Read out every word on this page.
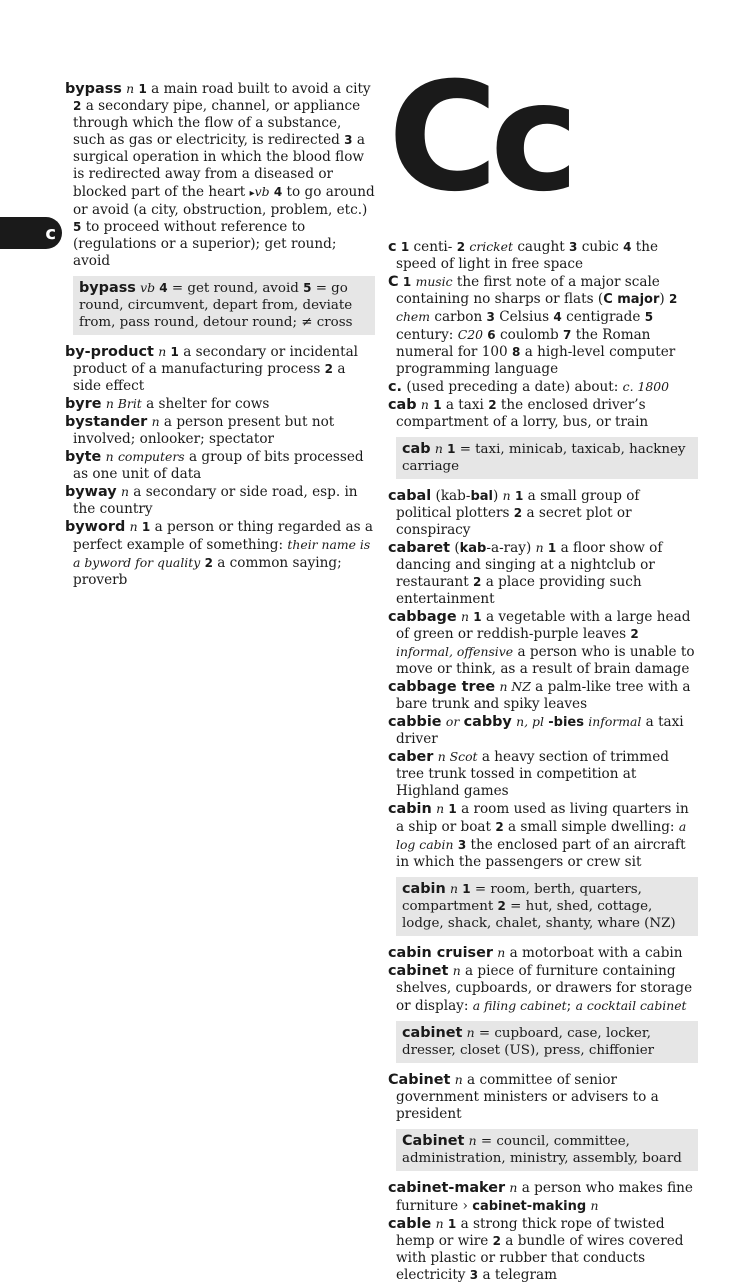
c
Cc

bypass n 1 a main road built to avoid a city 2 a secondary pipe, channel, or appliance through which the flow of a substance, such as gas or electricity, is redirected 3 a surgical operation in which the blood flow is redirected away from a diseased or blocked part of the heart ▸vb 4 to go around or avoid (a city, obstruction, problem, etc.) 5 to proceed without reference to (regulations or a superior); get round; avoid

bypass vb 4 = get round, avoid 5 = go round, circumvent, depart from, deviate from, pass round, detour round; ≠ cross

by-product n 1 a secondary or incidental product of a manufacturing process 2 a side effect

byre n Brit a shelter for cows

bystander n a person present but not involved; onlooker; spectator

byte n computers a group of bits processed as one unit of data

byway n a secondary or side road, esp. in the country

byword n 1 a person or thing regarded as a perfect example of something: their name is a byword for quality 2 a common saying; proverb

c 1 centi- 2 cricket caught 3 cubic 4 the speed of light in free space

C 1 music the first note of a major scale containing no sharps or flats (C major) 2 chem carbon 3 Celsius 4 centigrade 5 century: C20 6 coulomb 7 the Roman numeral for 100 8 a high-level computer programming language

c. (used preceding a date) about: c. 1800

cab n 1 a taxi 2 the enclosed driver’s compartment of a lorry, bus, or train

cab n 1 = taxi, minicab, taxicab, hackney carriage

cabal (kab-bal) n 1 a small group of political plotters 2 a secret plot or conspiracy

cabaret (kab-a-ray) n 1 a floor show of dancing and singing at a nightclub or restaurant 2 a place providing such entertainment

cabbage n 1 a vegetable with a large head of green or reddish-purple leaves 2 informal, offensive a person who is unable to move or think, as a result of brain damage

cabbage tree n NZ a palm-like tree with a bare trunk and spiky leaves

cabbie or cabby n, pl -bies informal a taxi driver

caber n Scot a heavy section of trimmed tree trunk tossed in competition at Highland games

cabin n 1 a room used as living quarters in a ship or boat 2 a small simple dwelling: a log cabin 3 the enclosed part of an aircraft in which the passengers or crew sit

cabin n 1 = room, berth, quarters, compartment 2 = hut, shed, cottage, lodge, shack, chalet, shanty, whare (NZ)

cabin cruiser n a motorboat with a cabin

cabinet n a piece of furniture containing shelves, cupboards, or drawers for storage or display: a filing cabinet; a cocktail cabinet

cabinet n = cupboard, case, locker, dresser, closet (US), press, chiffonier

Cabinet n a committee of senior government ministers or advisers to a president

Cabinet n = council, committee, administration, ministry, assembly, board

cabinet-maker n a person who makes fine furniture › cabinet-making n

cable n 1 a strong thick rope of twisted hemp or wire 2 a bundle of wires covered with plastic or rubber that conducts electricity 3 a telegram
